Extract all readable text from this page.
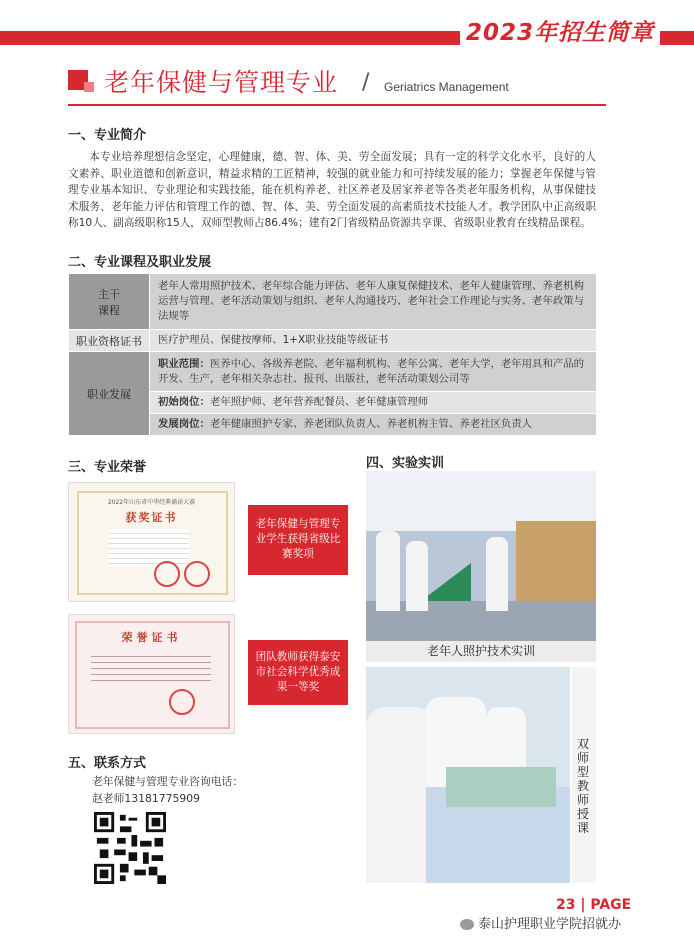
2023年招生简章
老年保健与管理专业 / Geriatrics Management
一、专业简介
本专业培养理想信念坚定，心理健康，德、智、体、美、劳全面发展；具有一定的科学文化水平，良好的人文素养、职业道德和创新意识，精益求精的工匠精神，较强的就业能力和可持续发展的能力；掌握老年保健与管理专业基本知识、专业理论和实践技能，能在机构养老、社区养老及居家养老等各类老年服务机构，从事保健技术服务、老年能力评估和管理工作的德、智、体、美、劳全面发展的高素质技术技能人才。教学团队中正高级职称10人、副高级职称15人，双师型教师占86.4%；建有2门省级精品资源共享课、省级职业教育在线精品课程。
二、专业课程及职业发展
主干
课程	老年人常用照护技术、老年综合能力评估、老年人康复保健技术、老年人健康管理、养老机构运营与管理、老年活动策划与组织、老年人沟通技巧、老年社会工作理论与实务、老年政策与法规等
职业资格证书	医疗护理员、保健按摩师、1+X职业技能等级证书
职业发展	职业范围：医养中心、各级养老院、老年福利机构、老年公寓、老年大学，老年用具和产品的开发、生产，老年相关杂志社、报刊、出版社，老年活动策划公司等
	初始岗位：老年照护师、老年营养配餐员、老年健康管理师
	发展岗位：老年健康照护专家、养老团队负责人、养老机构主管、养老社区负责人
三、专业荣誉
2022年山东省中华经典诵读大赛
获奖证书	老年保健与管理专业学生获得省级比赛奖项
荣誉证书
团队教师获得泰安市社会科学优秀成果一等奖
四、实验实训
老年人照护技术实训
双师型教师授课
五、联系方式
老年保健与管理专业咨询电话：
赵老师13181775909
23 | PAGE
泰山护理职业学院招就办
